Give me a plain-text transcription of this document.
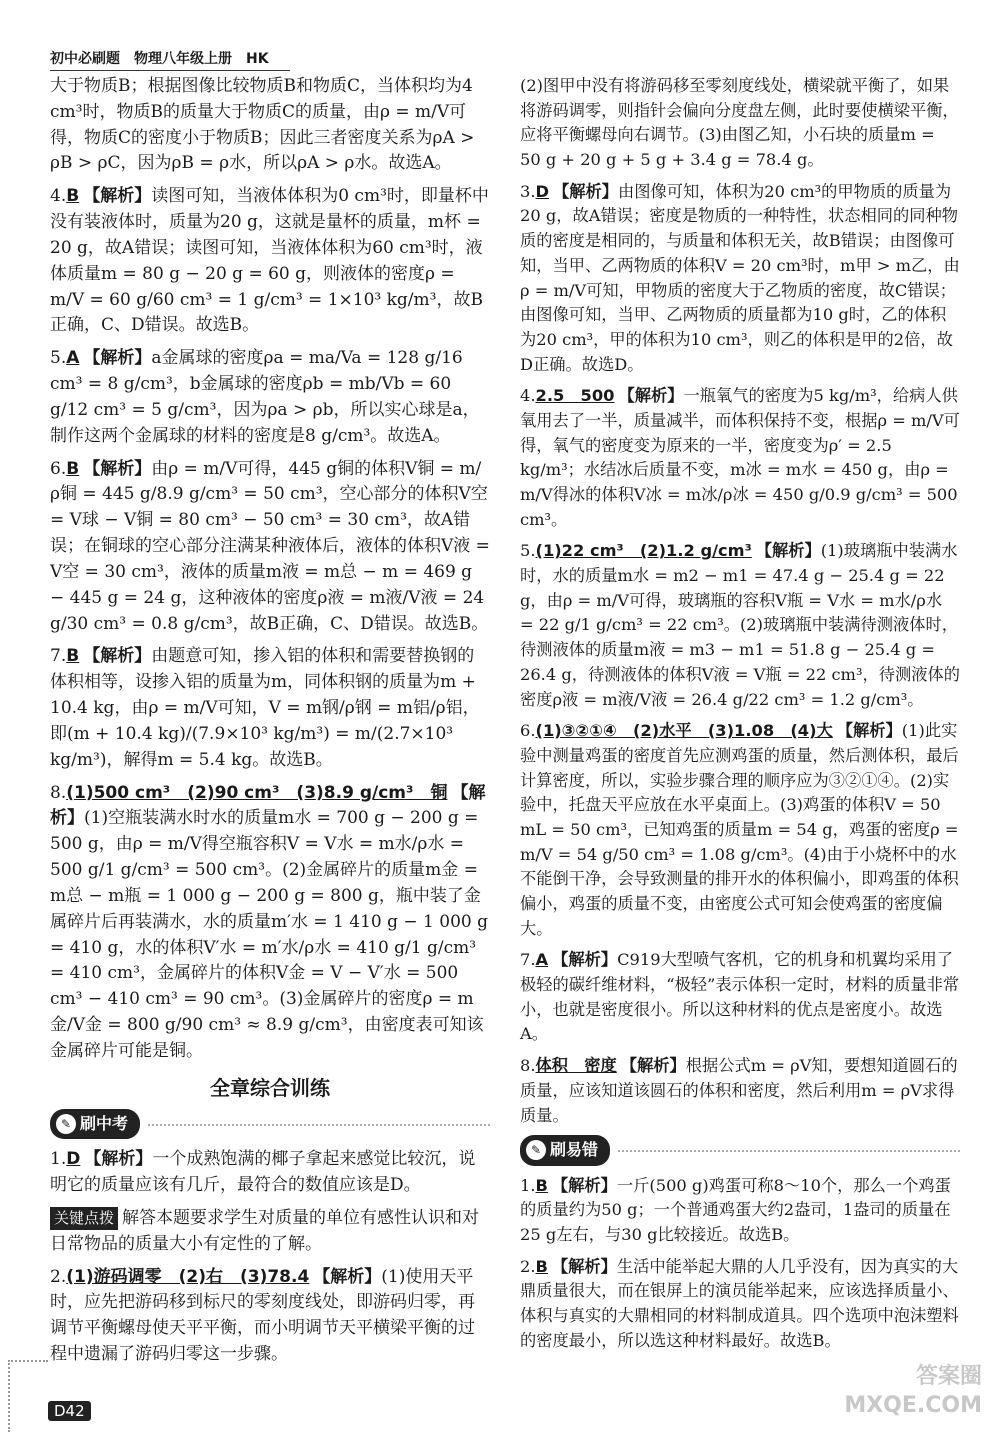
初中必刷题　物理八年级上册　HK
大于物质B；根据图像比较物质B和物质C，当体积均为4 cm³时，物质B的质量大于物质C的质量，由ρ = m/V可得，物质C的密度小于物质B；因此三者密度关系为ρA > ρB > ρC，因为ρB = ρ水，所以ρA > ρ水。故选A。
4.B 【解析】读图可知，当液体体积为0 cm³时，即量杯中没有装液体时，质量为20 g，这就是量杯的质量，m杯 = 20 g，故A错误；读图可知，当液体体积为60 cm³时，液体质量m = 80 g − 20 g = 60 g，则液体的密度ρ = m/V = 60 g/60 cm³ = 1 g/cm³ = 1×10³ kg/m³，故B正确，C、D错误。故选B。
5.A 【解析】a金属球的密度ρa = ma/Va = 128 g/16 cm³ = 8 g/cm³，b金属球的密度ρb = mb/Vb = 60 g/12 cm³ = 5 g/cm³，因为ρa > ρb，所以实心球是a，制作这两个金属球的材料的密度是8 g/cm³。故选A。
6.B 【解析】由ρ = m/V可得，445 g铜的体积V铜 = m/ρ铜 = 445 g/8.9 g/cm³ = 50 cm³，空心部分的体积V空 = V球 − V铜 = 80 cm³ − 50 cm³ = 30 cm³，故A错误；在铜球的空心部分注满某种液体后，液体的体积V液 = V空 = 30 cm³，液体的质量m液 = m总 − m = 469 g − 445 g = 24 g，这种液体的密度ρ液 = m液/V液 = 24 g/30 cm³ = 0.8 g/cm³，故B正确，C、D错误。故选B。
7.B 【解析】由题意可知，掺入铝的体积和需要替换钢的体积相等，设掺入铝的质量为m，同体积钢的质量为m + 10.4 kg，由ρ = m/V可知，V = m钢/ρ钢 = m铝/ρ铝，即(m + 10.4 kg)/(7.9×10³ kg/m³) = m/(2.7×10³ kg/m³)，解得m = 5.4 kg。故选B。
8.(1)500 cm³　(2)90 cm³　(3)8.9 g/cm³　铜 【解析】(1)空瓶装满水时水的质量m水 = 700 g − 200 g = 500 g，由ρ = m/V得空瓶容积V = V水 = m水/ρ水 = 500 g/1 g/cm³ = 500 cm³。(2)金属碎片的质量m金 = m总 − m瓶 = 1 000 g − 200 g = 800 g，瓶中装了金属碎片后再装满水，水的质量m′水 = 1 410 g − 1 000 g = 410 g，水的体积V′水 = m′水/ρ水 = 410 g/1 g/cm³ = 410 cm³，金属碎片的体积V金 = V − V′水 = 500 cm³ − 410 cm³ = 90 cm³。(3)金属碎片的密度ρ = m金/V金 = 800 g/90 cm³ ≈ 8.9 g/cm³，由密度表可知该金属碎片可能是铜。
全章综合训练
✎ 刷中考
1.D 【解析】一个成熟饱满的椰子拿起来感觉比较沉，说明它的质量应该有几斤，最符合的数值应该是D。
关键点拨 解答本题要求学生对质量的单位有感性认识和对日常物品的质量大小有定性的了解。
2.(1)游码调零　(2)右　(3)78.4 【解析】(1)使用天平时，应先把游码移到标尺的零刻度线处，即游码归零，再调节平衡螺母使天平平衡，而小明调节天平横梁平衡的过程中遗漏了游码归零这一步骤。
(2)图甲中没有将游码移至零刻度线处，横梁就平衡了，如果将游码调零，则指针会偏向分度盘左侧，此时要使横梁平衡，应将平衡螺母向右调节。(3)由图乙知，小石块的质量m = 50 g + 20 g + 5 g + 3.4 g = 78.4 g。
3.D 【解析】由图像可知，体积为20 cm³的甲物质的质量为20 g，故A错误；密度是物质的一种特性，状态相同的同种物质的密度是相同的，与质量和体积无关，故B错误；由图像可知，当甲、乙两物质的体积V = 20 cm³时，m甲 > m乙，由ρ = m/V可知，甲物质的密度大于乙物质的密度，故C错误；由图像可知，当甲、乙两物质的质量都为10 g时，乙的体积为20 cm³，甲的体积为10 cm³，则乙的体积是甲的2倍，故D正确。故选D。
4.2.5　500 【解析】一瓶氧气的密度为5 kg/m³，给病人供氧用去了一半，质量减半，而体积保持不变，根据ρ = m/V可得，氧气的密度变为原来的一半，密度变为ρ′ = 2.5 kg/m³；水结冰后质量不变，m冰 = m水 = 450 g，由ρ = m/V得冰的体积V冰 = m冰/ρ冰 = 450 g/0.9 g/cm³ = 500 cm³。
5.(1)22 cm³　(2)1.2 g/cm³ 【解析】(1)玻璃瓶中装满水时，水的质量m水 = m2 − m1 = 47.4 g − 25.4 g = 22 g，由ρ = m/V可得，玻璃瓶的容积V瓶 = V水 = m水/ρ水 = 22 g/1 g/cm³ = 22 cm³。(2)玻璃瓶中装满待测液体时，待测液体的质量m液 = m3 − m1 = 51.8 g − 25.4 g = 26.4 g，待测液体的体积V液 = V瓶 = 22 cm³，待测液体的密度ρ液 = m液/V液 = 26.4 g/22 cm³ = 1.2 g/cm³。
6.(1)③②①④　(2)水平　(3)1.08　(4)大 【解析】(1)此实验中测量鸡蛋的密度首先应测鸡蛋的质量，然后测体积，最后计算密度，所以，实验步骤合理的顺序应为③②①④。(2)实验中，托盘天平应放在水平桌面上。(3)鸡蛋的体积V = 50 mL = 50 cm³，已知鸡蛋的质量m = 54 g，鸡蛋的密度ρ = m/V = 54 g/50 cm³ = 1.08 g/cm³。(4)由于小烧杯中的水不能倒干净，会导致测量的排开水的体积偏小，即鸡蛋的体积偏小，鸡蛋的质量不变，由密度公式可知会使鸡蛋的密度偏大。
7.A 【解析】C919大型喷气客机，它的机身和机翼均采用了极轻的碳纤维材料，“极轻”表示体积一定时，材料的质量非常小，也就是密度很小。所以这种材料的优点是密度小。故选A。
8.体积　密度 【解析】根据公式m = ρV知，要想知道圆石的质量，应该知道该圆石的体积和密度，然后利用m = ρV求得质量。
✎ 刷易错
1.B 【解析】一斤(500 g)鸡蛋可称8～10个，那么一个鸡蛋的质量约为50 g；一个普通鸡蛋大约2盎司，1盎司的质量在25 g左右，与30 g比较接近。故选B。
2.B 【解析】生活中能举起大鼎的人几乎没有，因为真实的大鼎质量很大，而在银屏上的演员能举起来，应该选择质量小、体积与真实的大鼎相同的材料制成道具。四个选项中泡沫塑料的密度最小，所以选这种材料最好。故选B。
D42
答案圈 MXQE.COM
